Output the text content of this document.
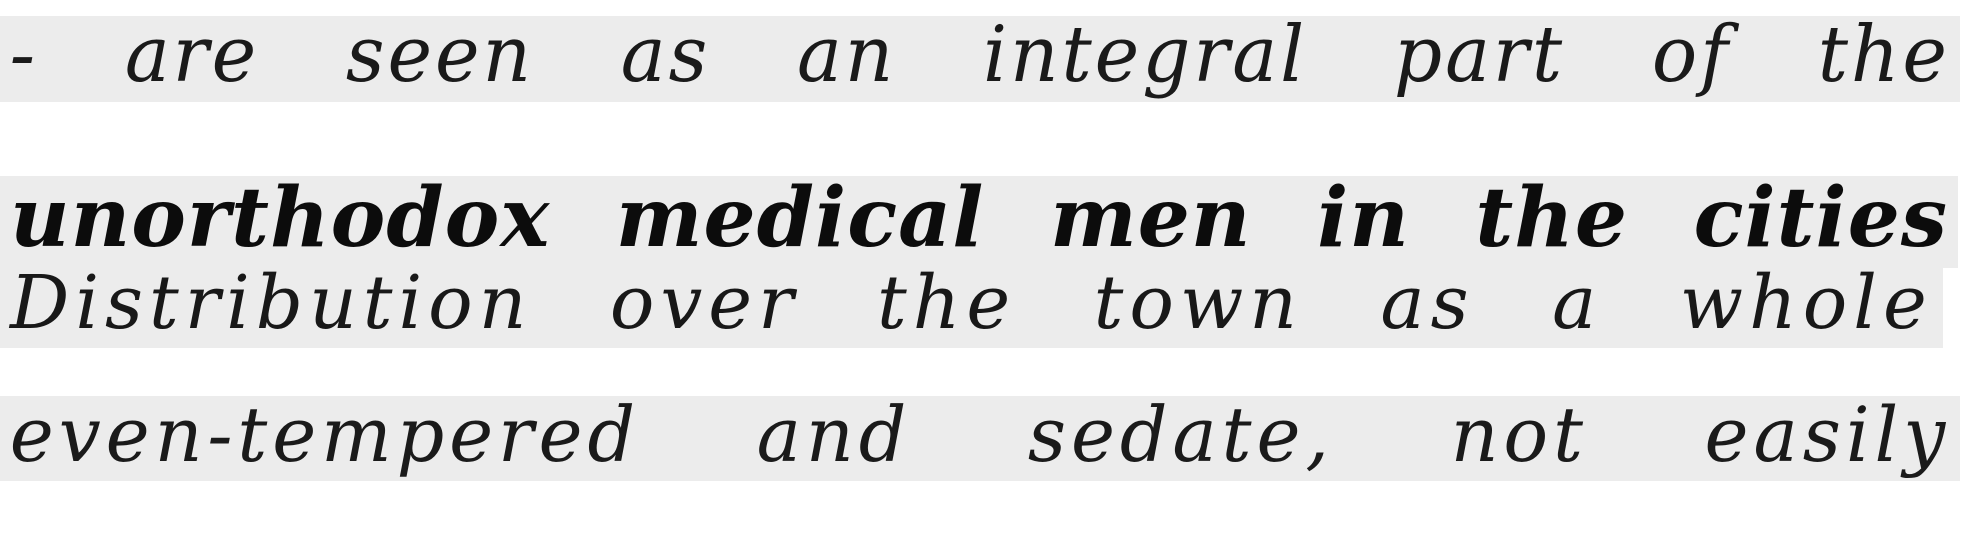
- are seen as an integral part of the
unorthodox medical men in the cities
Distribution over the town as a whole
even-tempered and sedate, not easily
